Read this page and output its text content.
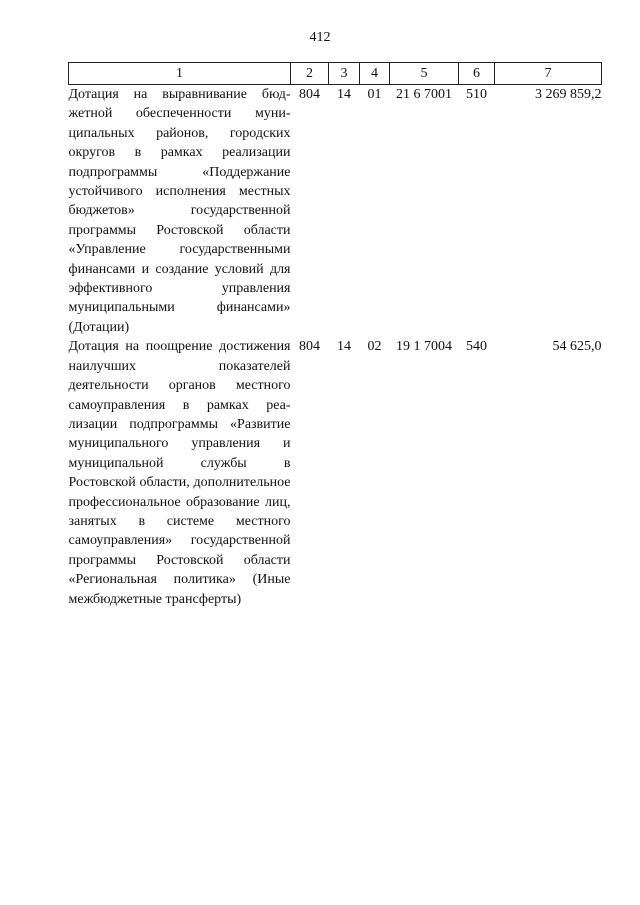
412
1	2	3	4	5	6	7
Дотация на выравнивание бюджетной обеспеченности муниципальных районов, городских округов в рамках реализации подпрограммы «Поддержание устойчивого исполнения местных бюджетов» государственной программы Ростовской области «Управление государственными финансами и создание условий для эффективного управления муниципальными финансами» (Дотации)	804	14	01	21 6 7001	510	3 269 859,2
Дотация на поощрение достижения наилучших показателей деятельности органов местного самоуправления в рамках реализации подпрограммы «Развитие муниципального управления и муниципальной службы в Ростовской области, дополнительное профессиональное образование лиц, занятых в системе местного самоуправления» государственной программы Ростовской области «Региональная политика» (Иные межбюджетные трансферты)	804	14	02	19 1 7004	540	54 625,0
